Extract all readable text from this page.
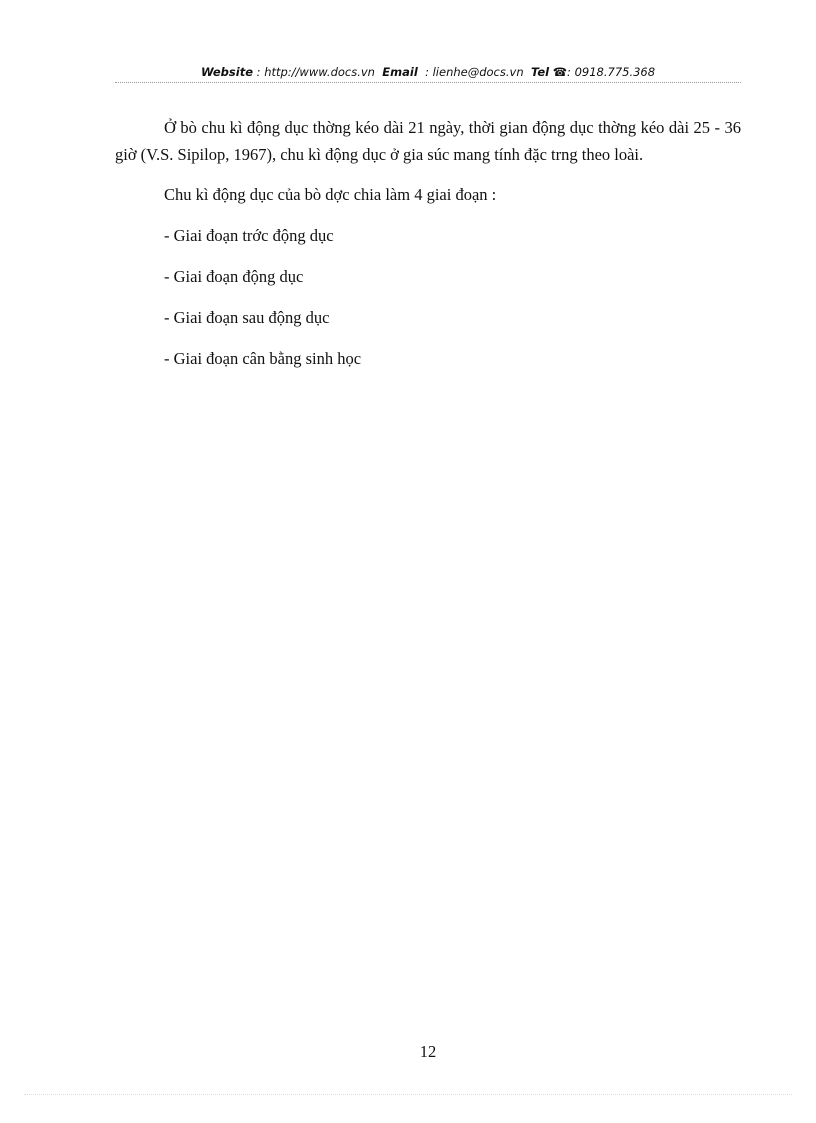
Website : http://www.docs.vn Email : lienhe@docs.vn Tel ☎: 0918.775.368

Ở bò chu kì động dục thờng kéo dài 21 ngày, thời gian động dục thờng kéo dài 25 - 36 giờ (V.S. Sipilop, 1967), chu kì động dục ở gia súc mang tính đặc trng theo loài.

Chu kì động dục của bò dợc chia làm 4 giai đoạn :

- Giai đoạn trớc động dục
- Giai đoạn động dục
- Giai đoạn sau động dục
- Giai đoạn cân bằng sinh học
12
